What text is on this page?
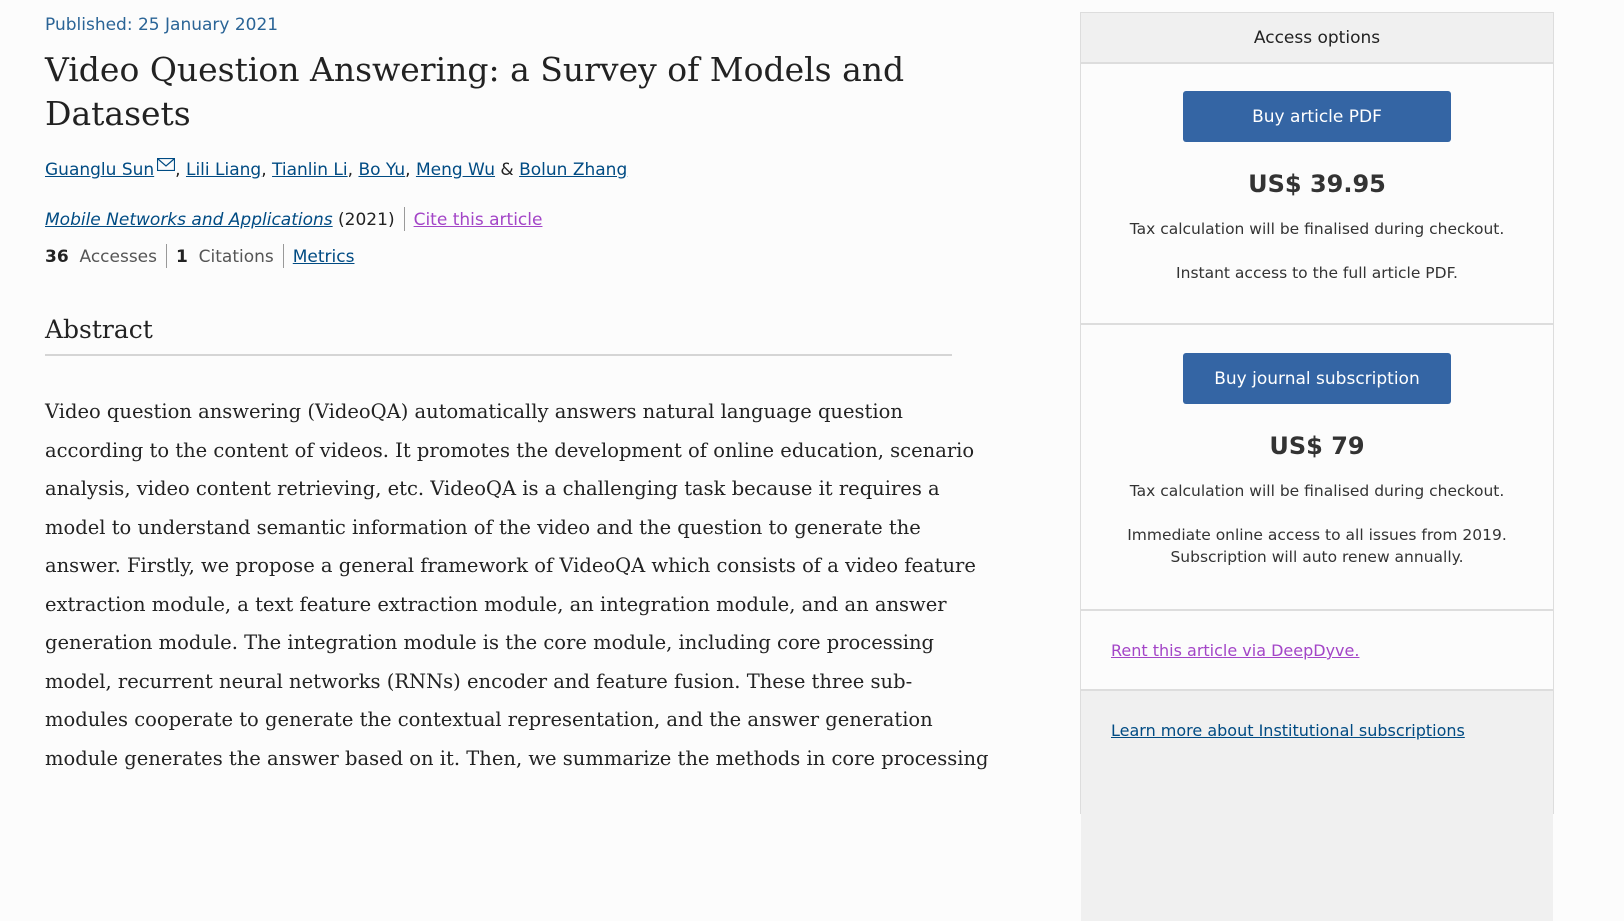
Published: 25 January 2021
Video Question Answering: a Survey of Models and Datasets
Guanglu Sun , Lili Liang, Tianlin Li, Bo Yu, Meng Wu & Bolun Zhang
Mobile Networks and Applications (2021) Cite this article
36 Accesses 1 Citations Metrics
Abstract
Video question answering (VideoQA) automatically answers natural language question
according to the content of videos. It promotes the development of online education, scenario
analysis, video content retrieving, etc. VideoQA is a challenging task because it requires a
model to understand semantic information of the video and the question to generate the
answer. Firstly, we propose a general framework of VideoQA which consists of a video feature
extraction module, a text feature extraction module, an integration module, and an answer
generation module. The integration module is the core module, including core processing
model, recurrent neural networks (RNNs) encoder and feature fusion. These three sub-
modules cooperate to generate the contextual representation, and the answer generation
module generates the answer based on it. Then, we summarize the methods in core processing
Access options
Buy article PDF
US$ 39.95
Tax calculation will be finalised during checkout.
Instant access to the full article PDF.
Buy journal subscription
US$ 79
Tax calculation will be finalised during checkout.
Immediate online access to all issues from 2019.
Subscription will auto renew annually.
Rent this article via DeepDyve.
Learn more about Institutional subscriptions
